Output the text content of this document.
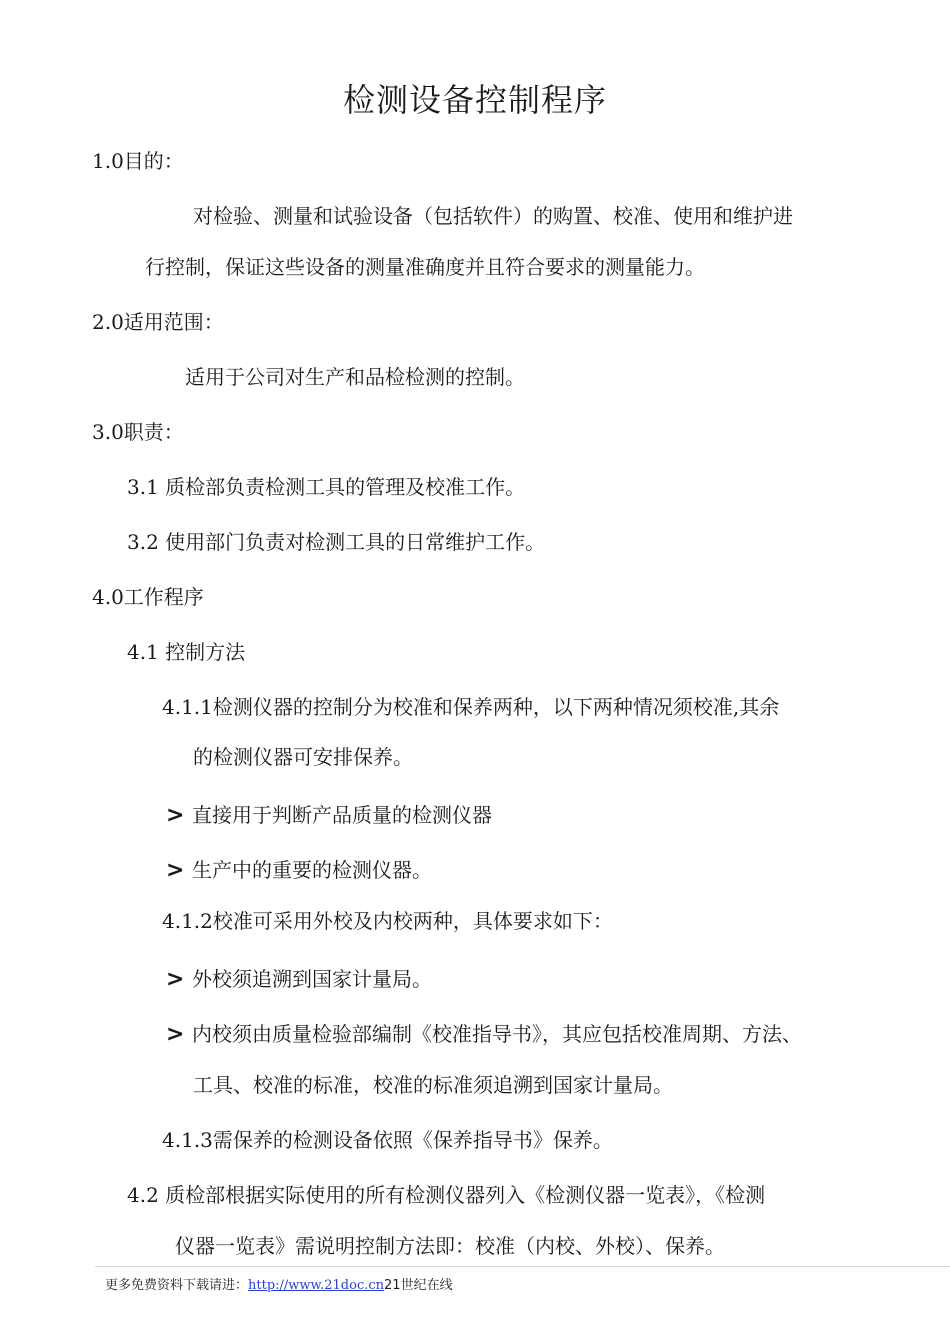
检测设备控制程序
1.0目的：
对检验、测量和试验设备（包括软件）的购置、校准、使用和维护进
行控制，保证这些设备的测量准确度并且符合要求的测量能力。
2.0适用范围：
适用于公司对生产和品检检测的控制。
3.0职责：
3.1 质检部负责检测工具的管理及校准工作。
3.2 使用部门负责对检测工具的日常维护工作。
4.0工作程序
4.1 控制方法
4.1.1检测仪器的控制分为校准和保养两种，以下两种情况须校准,其余
的检测仪器可安排保养。
> 直接用于判断产品质量的检测仪器
> 生产中的重要的检测仪器。
4.1.2校准可采用外校及内校两种，具体要求如下：
> 外校须追溯到国家计量局。
> 内校须由质量检验部编制《校准指导书》，其应包括校准周期、方法、
工具、校准的标准，校准的标准须追溯到国家计量局。
4.1.3需保养的检测设备依照《保养指导书》保养。
4.2 质检部根据实际使用的所有检测仪器列入《检测仪器一览表》，《检测
仪器一览表》需说明控制方法即：校准（内校、外校）、保养。
更多免费资料下载请进：http://www.21doc.cn21世纪在线
